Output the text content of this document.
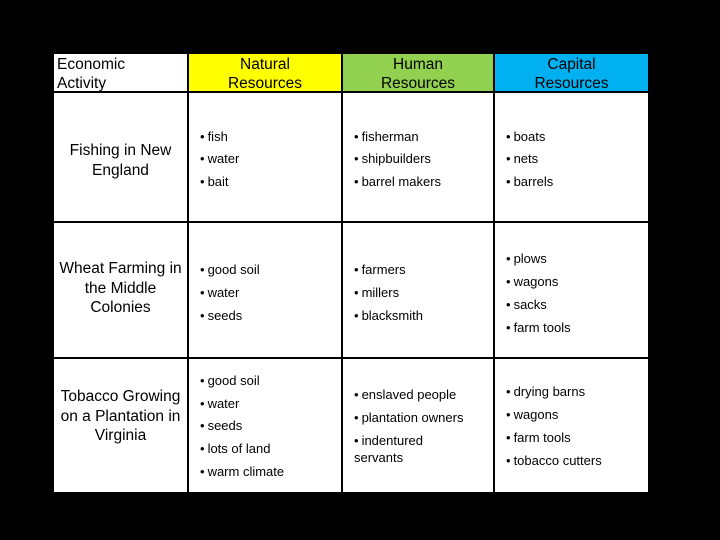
Economic Activity
Natural Resources
Human Resources
Capital Resources
Fishing in New England
• fish
• water
• bait
• fisherman
• shipbuilders
• barrel makers
• boats
• nets
• barrels
Wheat Farming in the Middle Colonies
• good soil
• water
• seeds
• farmers
• millers
• blacksmith
• plows
• wagons
• sacks
• farm tools
Tobacco Growing on a Plantation in Virginia
• good soil
• water
• seeds
• lots of land
• warm climate
• enslaved people
• plantation owners
• indentured servants
• drying barns
• wagons
• farm tools
• tobacco cutters
